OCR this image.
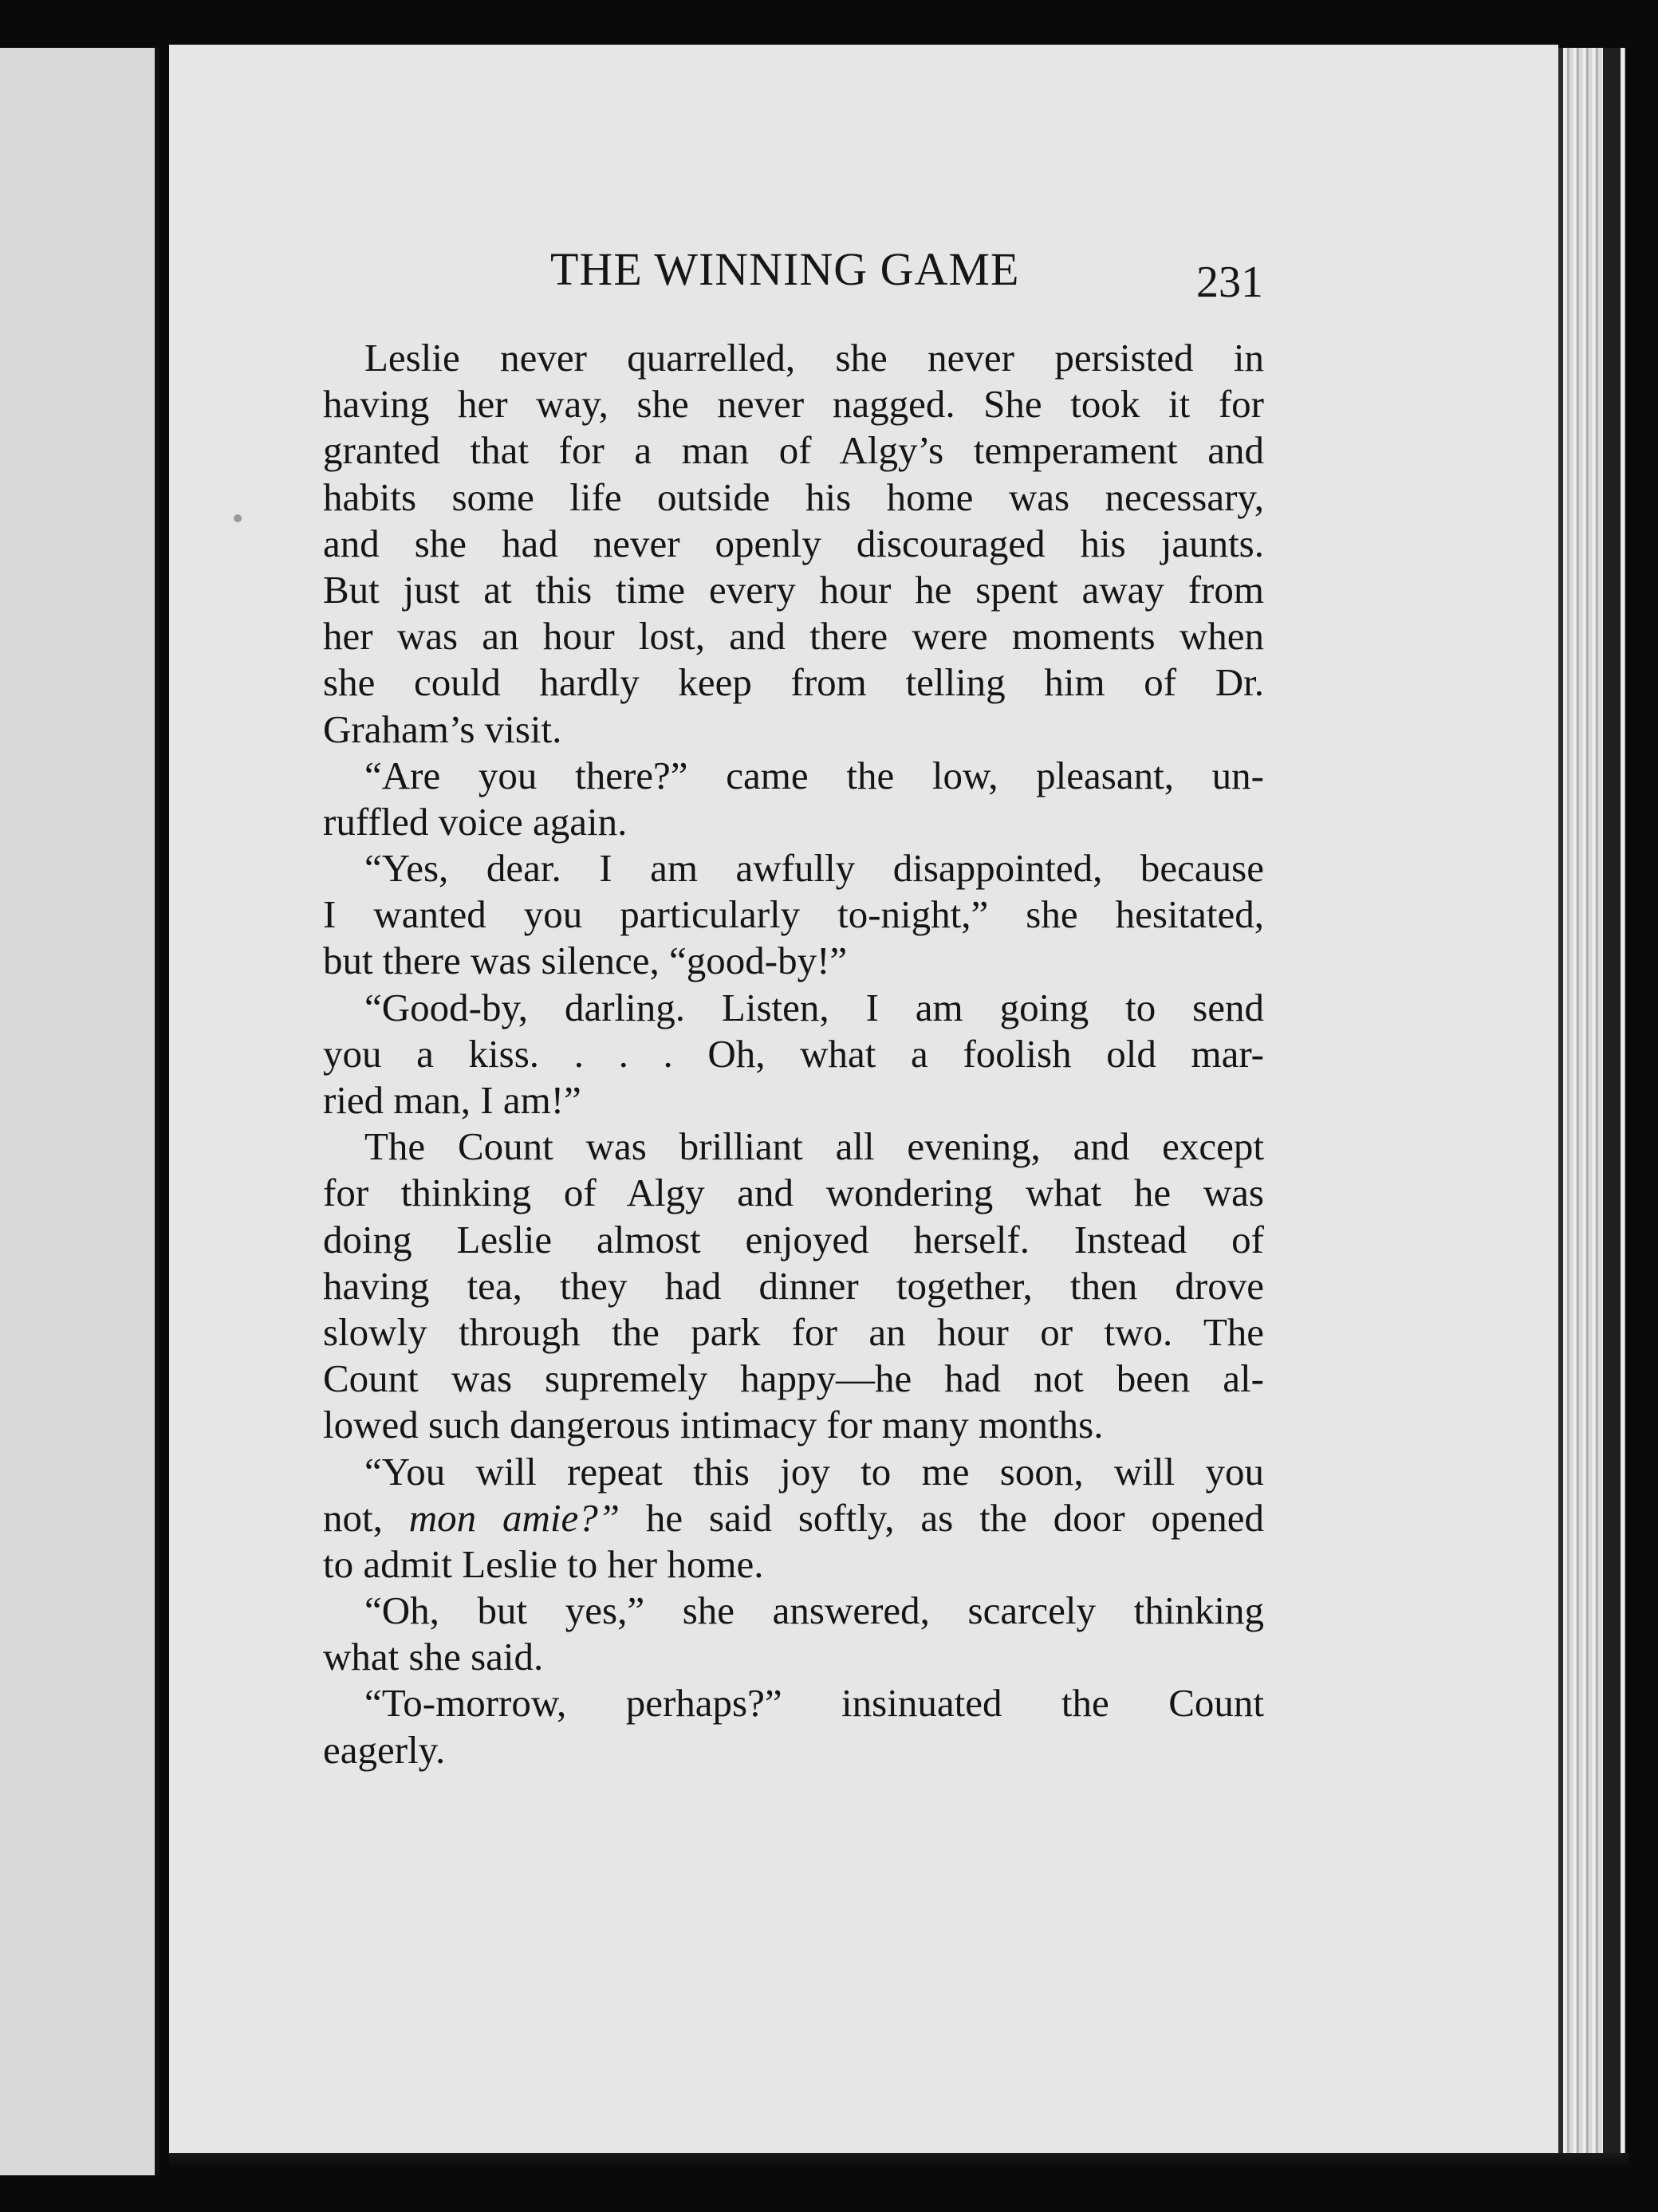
THE WINNING GAME	231
Leslie never quarrelled, she never persisted in
having her way, she never nagged. She took it for
granted that for a man of Algy’s temperament and
habits some life outside his home was necessary,
and she had never openly discouraged his jaunts.
But just at this time every hour he spent away from
her was an hour lost, and there were moments when
she could hardly keep from telling him of Dr.
Graham’s visit.
“Are you there?” came the low, pleasant, un-
ruffled voice again.
“Yes, dear. I am awfully disappointed, because
I wanted you particularly to-night,” she hesitated,
but there was silence, “good-by!”
“Good-by, darling. Listen, I am going to send
you a kiss. . . . Oh, what a foolish old mar-
ried man, I am!”
The Count was brilliant all evening, and except
for thinking of Algy and wondering what he was
doing Leslie almost enjoyed herself. Instead of
having tea, they had dinner together, then drove
slowly through the park for an hour or two. The
Count was supremely happy—he had not been al-
lowed such dangerous intimacy for many months.
“You will repeat this joy to me soon, will you
not, mon amie?” he said softly, as the door opened
to admit Leslie to her home.
“Oh, but yes,” she answered, scarcely thinking
what she said.
“To-morrow, perhaps?” insinuated the Count
eagerly.
